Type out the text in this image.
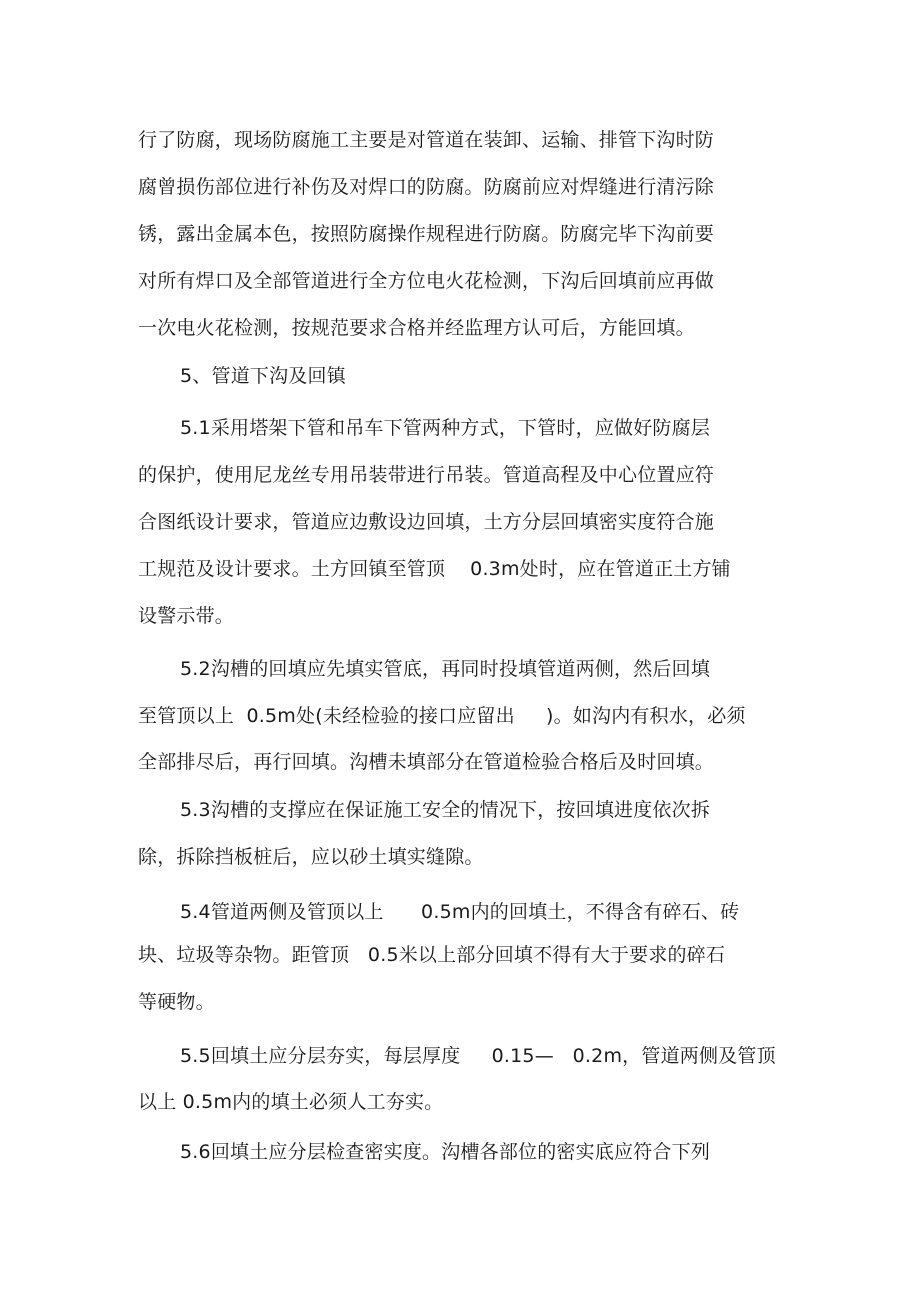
行了防腐，现场防腐施工主要是对管道在装卸、运输、排管下沟时防
腐曾损伤部位进行补伤及对焊口的防腐。防腐前应对焊缝进行清污除
锈，露出金属本色，按照防腐操作规程进行防腐。防腐完毕下沟前要
对所有焊口及全部管道进行全方位电火花检测，下沟后回填前应再做
一次电火花检测，按规范要求合格并经监理方认可后，方能回填。
5、管道下沟及回镇
5.1采用塔架下管和吊车下管两种方式，下管时，应做好防腐层
的保护，使用尼龙丝专用吊装带进行吊装。管道高程及中心位置应符
合图纸设计要求，管道应边敷设边回填，土方分层回填密实度符合施
工规范及设计要求。土方回镇至管顶    0.3m处时，应在管道正土方铺
设警示带。
5.2沟槽的回填应先填实管底，再同时投填管道两侧，然后回填
至管顶以上  0.5m处(未经检验的接口应留出     )。如沟内有积水，必须
全部排尽后，再行回填。沟槽未填部分在管道检验合格后及时回填。
5.3沟槽的支撑应在保证施工安全的情况下，按回填进度依次拆
除，拆除挡板桩后，应以砂土填实缝隙。
5.4管道两侧及管顶以上      0.5m内的回填土，不得含有碎石、砖
块、垃圾等杂物。距管顶   0.5米以上部分回填不得有大于要求的碎石
等硬物。
5.5回填土应分层夯实，每层厚度     0.15—   0.2m，管道两侧及管顶
以上 0.5m内的填土必须人工夯实。
5.6回填土应分层检查密实度。沟槽各部位的密实底应符合下列
